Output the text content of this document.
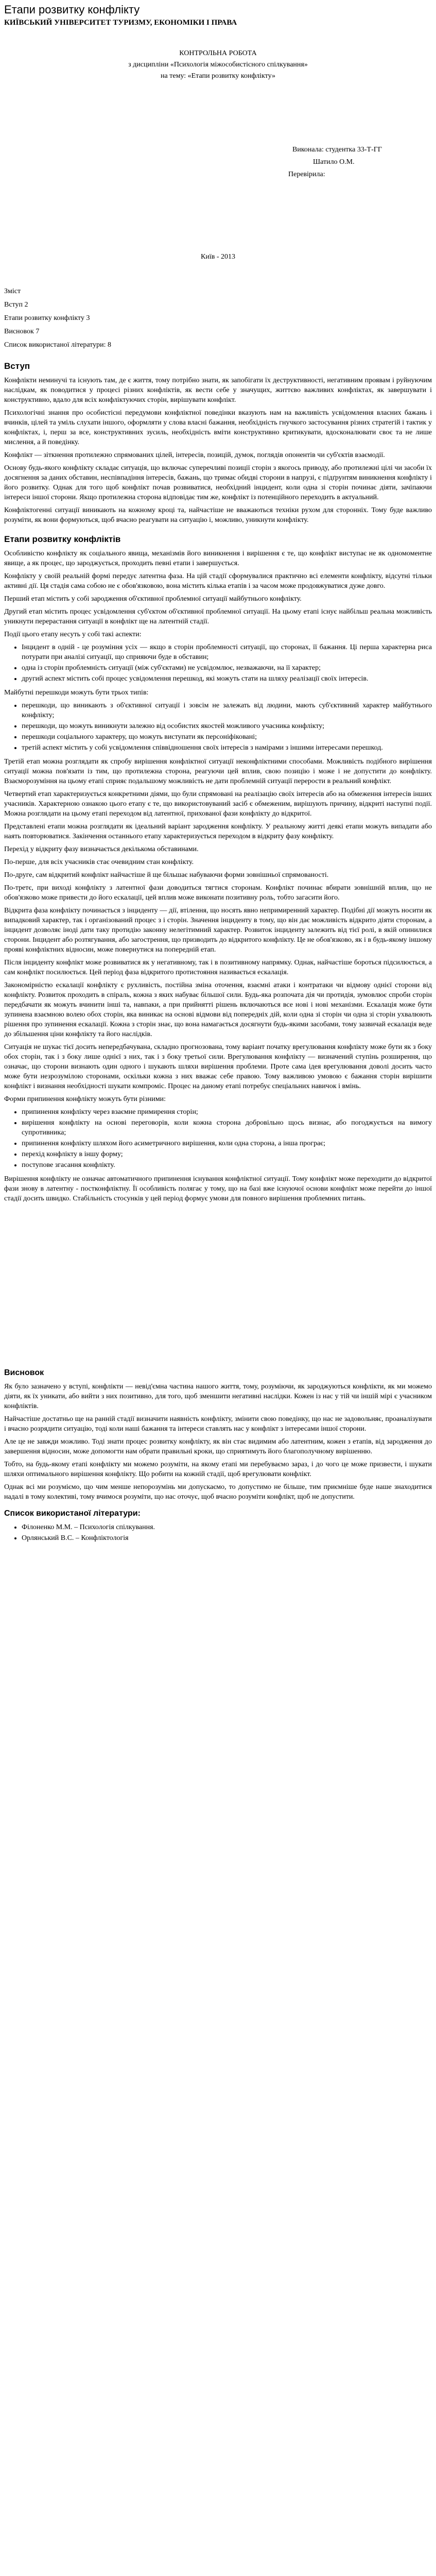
Етапи розвитку конфлікту
КИЇВСЬКИЙ УНІВЕРСИТЕТ ТУРИЗМУ, ЕКОНОМІКИ І ПРАВА
КОНТРОЛЬНА РОБОТА
з дисципліни «Психологія міжособистісного спілкування»
на тему: «Етапи розвитку конфлікту»
Виконала: студентка 33-Т-ГГ
Шатило О.М.
Перевірила:
Київ - 2013
Зміст
Вступ 2
Етапи розвитку конфлікту 3
Висновок 7
Список використаної літератури: 8
Вступ

Конфлікти неминучі та існують там, де є життя, тому потрібно знати, як запобігати їх деструктивності, негативним проявам і руйнуючим наслідкам, як поводитися у процесі різних конфліктів, як вести себе у значущих, життєво важливих конфліктах, як завершувати і конструктивно, вдало для всіх конфліктуючих сторін, вирішувати конфлікт.

Психологічні знання про особистісні передумови конфліктної поведінки вказують нам на важливість усвідомлення власних бажань і вчинків, цілей та уміль слухати іншого, оформляти у слова власні бажання, необхідність гнучкого застосування різних стратегій і тактик у конфліктах, і, перш за все, конструктивних зусиль, необхідність вміти конструктивно критикувати, вдосконалювати своє та не лише мислення, а й поведінку.

Конфлікт — зіткнення протилежно спрямованих цілей, інтересів, позицій, думок, поглядів опонентів чи суб'єктів взаємодії.

Основу будь-якого конфлікту складає ситуація, що включає суперечливі позиції сторін з якогось приводу, або протилежні цілі чи засоби їх досягнення за даних обставин, неспівпадіння інтересів, бажань, що тримає обидві сторони в напрузі, є підґрунтям виникнення конфлікту і його розвитку. Однак для того щоб конфлікт почав розвиватися, необхідний інцидент, коли одна зі сторін починає діяти, зачіпаючи інтереси іншої сторони. Якщо протилежна сторона відповідає тим же, конфлікт із потенційного переходить в актуальний.

Конфліктогенні ситуації виникають на кожному кроці та, найчастіше не вважаються техніки рухом для сторонніх. Тому буде важливо розуміти, як вони формуються, щоб вчасно реагувати на ситуацію і, можливо, уникнути конфлікту.

Етапи розвитку конфліктів

Особливістю конфлікту як соціального явища, механізмів його виникнення і вирішення є те, що конфлікт виступає не як одномоментне явище, а як процес, що зароджується, проходить певні етапи і завершується.

Конфлікту у своїй реальній формі передує латентна фаза. На цій стадії сформувалися практично всі елементи конфлікту, відсутні тільки активні дії. Ця стадія сама собою не є обов'язковою, вона містить кілька етапів і за часом може продовжуватися дуже довго.

Перший етап містить у собі зародження об'єктивної проблемної ситуації майбутнього конфлікту.

Другий етап містить процес усвідомлення суб'єктом об'єктивної проблемної ситуації. На цьому етапі існує найбільш реальна можливість уникнути перерастання ситуації в конфлікт ще на латентній стадії.

Події цього етапу несуть у собі такі аспекти:

• Інцидент в одній - це розуміння усіх — якщо в сторін проблемності ситуації, що сторонах, її бажання. Ці перша характерна риса потурати при аналізі ситуації, що сприяючи буде в обставин;
• одна із сторін проблемність ситуації (між суб'єктами) не усвідомлює, незважаючи, на її характер;
• другий аспект містить собі процес усвідомлення перешкод, які можуть стати на шляху реалізації своїх інтересів.

Майбутні перешкоди можуть бути трьох типів:

• перешкоди, що виникають з об'єктивної ситуації і зовсім не залежать від людини, мають суб'єктивний характер майбутнього конфлікту;
• перешкоди, що можуть виникнути залежно від особистих якостей можливого учасника конфлікту;
• перешкоди соціального характеру, що можуть виступати як персоніфіковані;
• третій аспект містить у собі усвідомлення співвідношення своїх інтересів з намірами з іншими інтересами перешкод.

Третій етап можна розглядати як спробу вирішення конфліктної ситуації неконфліктними способами. Можливість подібного вирішення ситуації можна пов'язати із тим, що протилежна сторона, реагуючи цей вплив, свою позицію і може і не допустити до конфлікту. Взаєморозуміння на цьому етапі сприяє подальшому можливість не дати проблемній ситуації перерости в реальний конфлікт.

Четвертий етап характеризується конкретними діями, що були спрямовані на реалізацію своїх інтересів або на обмеження інтересів інших учасників. Характерною ознакою цього етапу є те, що використовуваний засіб є обмеженим, вирішують причину, відкриті наступні події. Можна розглядати на цьому етапі переходом від латентної, прихованої фази конфлікту до відкритої.

Представлені етапи можна розглядати як ідеальний варіант зародження конфлікту. У реальному житті деякі етапи можуть випадати або наять повторюватися. Закінчення останнього етапу характеризується переходом в відкриту фазу конфлікту.

Перехід у відкриту фазу визначається декількома обставинами.

По-перше, для всіх учасників стає очевидним стан конфлікту.

По-друге, сам відкритий конфлікт найчастіше й ще більшає набуваючи форми зовнішньої спрямованості.

По-третє, при виході конфлікту з латентної фази доводиться тягтися сторонам. Конфлікт починає вбирати зовнішній вплив, що не обов'язково може привести до його ескалації, цей вплив може виконати позитивну роль, тобто загасити його.

Відкрита фаза конфлікту починається з інциденту — дії, втілення, що носять явно непримиренний характер. Подібні дії можуть носити як випадковий характер, так і організований процес з і сторін. Значення інциденту в тому, що він дає можливість відкрито діяти сторонам, а інцидент дозволяє іноді дати таку протидію законну нелегітимний характер. Розвиток інциденту залежить від тієї ролі, в якій опинилися сторони. Інцидент або розтягування, або загострення, що призводить до відкритого конфлікту. Це не обов'язково, як і в будь-якому іншому прояві конфліктних відносин, може повернутися на попередній етап.

Після інциденту конфлікт може розвиватися як у негативному, так і в позитивному напрямку. Однак, найчастіше бороться підсилюється, а сам конфлікт посилюється. Цей період фаза відкритого протистояння називається ескалація.

Закономірністю ескалації конфлікту є рухливість, постійна зміна оточення, взаємні атаки і контратаки чи відмову однієї сторони від конфлікту. Розвиток проходить в спіраль, кожна з яких набуває більшої сили. Будь-яка розпочата дія чи протидія, зумовлює спроби сторін передбачати як можуть вчинити інші та, навпаки, а при прийнятті рішень включаються все нові і нові механізми. Ескалація може бути зупинена взаємною волею обох сторін, яка виникає на основі відмови від попередніх дій, коли одна зі сторін чи одна зі сторін ухвалюють рішення про зупинення ескалації. Кожна з сторін знає, що вона намагається досягнути будь-якими засобами, тому зазвичай ескалація веде до збільшення ціни конфлікту та його наслідків.

Ситуація не шукає тієї досить непередбачувана, складно прогнозована, тому варіант початку врегулювання конфлікту може бути як з боку обох сторін, так і з боку лише однієї з них, так і з боку третьої сили. Врегулювання конфлікту — визначений ступінь розширення, що означає, що сторони визнають один одного і шукають шляхи вирішення проблеми. Проте сама ідея врегулювання доволі досить часто може бути незрозумілою сторонами, оскільки кожна з них вважає себе правою. Тому важливою умовою є бажання сторін вирішити конфлікт і визнання необхідності шукати компроміс. Процес на даному етапі потребує спеціальних навичок і вмінь.

Форми припинення конфлікту можуть бути різними:

• припинення конфлікту через взаємне примирення сторін;
• вирішення конфлікту на основі переговорів, коли кожна сторона добровільно щось визнає, або погоджується на вимогу супротивника;
• припинення конфлікту шляхом його асиметричного вирішення, коли одна сторона, а інша програє;
• перехід конфлікту в іншу форму;
• поступове згасання конфлікту.

Вирішення конфлікту не означає автоматичного припинення існування конфліктної ситуації. Тому конфлікт може переходити до відкритої фази знову в латентну - постконфліктну. Її особливість полягає у тому, що на базі вже існуючої основи конфлікт може перейти до іншої стадії досить швидко. Стабільність стосунків у цей період формує умови для повного вирішення проблемних питань.

Висновок

Як було зазначено у вступі, конфлікти — невід'ємна частина нашого життя, тому, розуміючи, як зароджуються конфлікти, як ми можемо діяти, як їх уникати, або вийти з них позитивно, для того, щоб зменшити негативні наслідки. Кожен із нас у тій чи іншій мірі є учасником конфліктів.

Найчастіше достатньо ще на ранній стадії визначити наявність конфлікту, змінити свою поведінку, що нас не задовольняє, проаналізувати і вчасно розрядити ситуацію, тоді коли наші бажання та інтереси ставлять нас у конфлікт з інтересами іншої сторони.

Але це не завжди можливо. Тоді знати процес розвитку конфлікту, як він стає видимим або латентним, кожен з етапів, від зародження до завершення відносин, може допомогти нам обрати правильні кроки, що сприятимуть його благополучному вирішенню.

Тобто, на будь-якому етапі конфлікту ми можемо розуміти, на якому етапі ми перебуваємо зараз, і до чого це може призвести, і шукати шляхи оптимального вирішення конфлікту. Що робити на кожній стадії, щоб врегулювати конфлікт.

Однак всі ми розуміємо, що чим менше непорозумінь ми допускаємо, то допустимо не більше, тим приємніше буде наше знаходитися надалі в тому колективі, тому вчимося розуміти, що нас оточує, щоб вчасно розуміти конфлікт, щоб не допустити.

Список використаної літератури:
• Філоненко М.М. – Психологія спілкування.
• Орлянський В.С. – Конфліктологія
